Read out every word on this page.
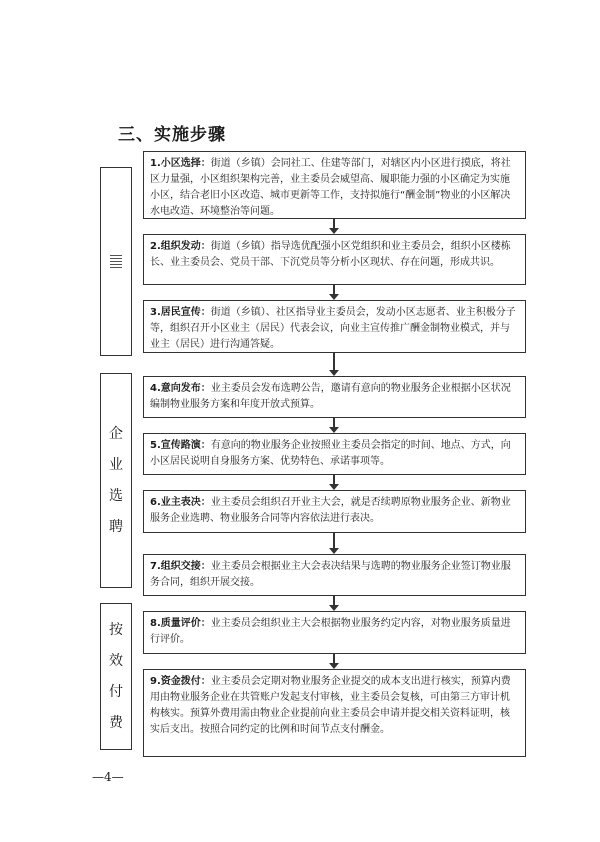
三、实施步骤
企
业
选
聘
按
效
付
费
1.小区选择：街道（乡镇）会同社工、住建等部门，对辖区内小区进行摸底，将社区力量强，小区组织架构完善，业主委员会威望高、履职能力强的小区确定为实施小区，结合老旧小区改造、城市更新等工作，支持拟施行“酬金制”物业的小区解决水电改造、环境整治等问题。
2.组织发动：街道（乡镇）指导选优配强小区党组织和业主委员会，组织小区楼栋长、业主委员会、党员干部、下沉党员等分析小区现状、存在问题，形成共识。
3.居民宣传：街道（乡镇）、社区指导业主委员会，发动小区志愿者、业主积极分子等，组织召开小区业主（居民）代表会议，向业主宣传推广酬金制物业模式，并与业主（居民）进行沟通答疑。
4.意向发布：业主委员会发布选聘公告，邀请有意向的物业服务企业根据小区状况编制物业服务方案和年度开放式预算。
5.宣传路演：有意向的物业服务企业按照业主委员会指定的时间、地点、方式，向小区居民说明自身服务方案、优势特色、承诺事项等。
6.业主表决：业主委员会组织召开业主大会，就是否续聘原物业服务企业、新物业服务企业选聘、物业服务合同等内容依法进行表决。
7.组织交接：业主委员会根据业主大会表决结果与选聘的物业服务企业签订物业服务合同，组织开展交接。
8.质量评价：业主委员会组织业主大会根据物业服务约定内容，对物业服务质量进行评价。
9.资金拨付：业主委员会定期对物业服务企业提交的成本支出进行核实，预算内费用由物业服务企业在共管账户发起支付审核，业主委员会复核，可由第三方审计机构核实。预算外费用需由物业企业提前向业主委员会申请并提交相关资料证明，核实后支出。按照合同约定的比例和时间节点支付酬金。
—4—
